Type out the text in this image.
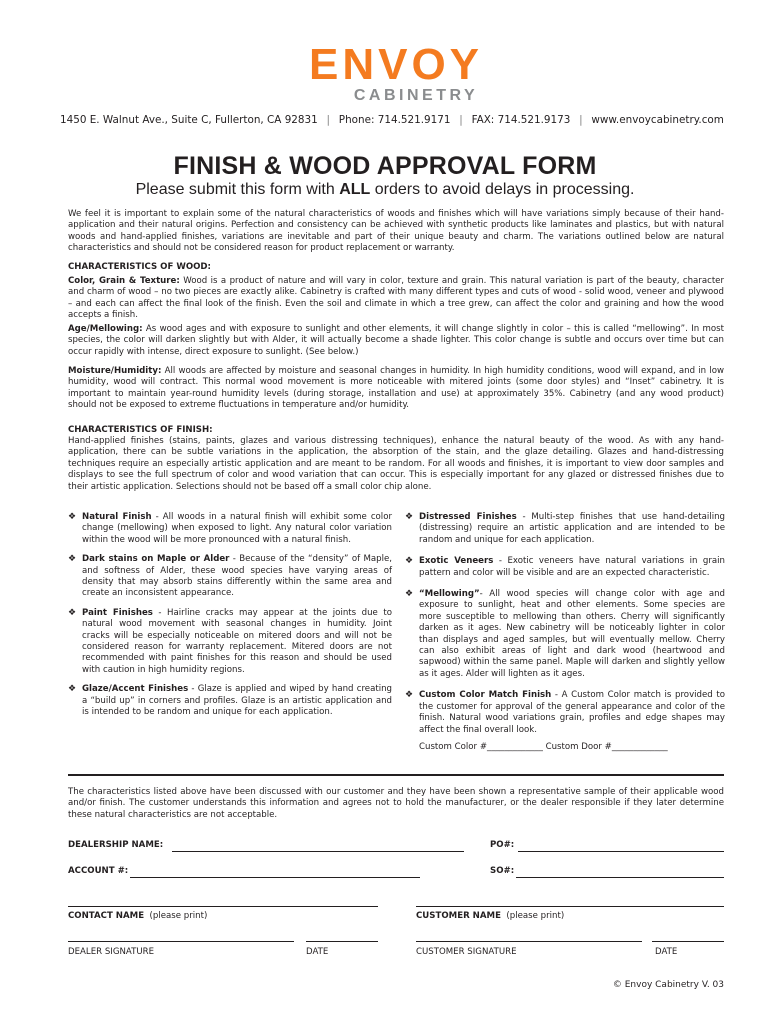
ENVOY
CABINETRY
1450 E. Walnut Ave., Suite C, Fullerton, CA 92831 | Phone: 714.521.9171 | FAX: 714.521.9173 | www.envoycabinetry.com
FINISH & WOOD APPROVAL FORM
Please submit this form with ALL orders to avoid delays in processing.
We feel it is important to explain some of the natural characteristics of woods and finishes which will have variations simply because of their hand-application and their natural origins. Perfection and consistency can be achieved with synthetic products like laminates and plastics, but with natural woods and hand-applied finishes, variations are inevitable and part of their unique beauty and charm. The variations outlined below are natural characteristics and should not be considered reason for product replacement or warranty.
CHARACTERISTICS OF WOOD:
Color, Grain & Texture: Wood is a product of nature and will vary in color, texture and grain. This natural variation is part of the beauty, character and charm of wood – no two pieces are exactly alike. Cabinetry is crafted with many different types and cuts of wood - solid wood, veneer and plywood – and each can affect the final look of the finish. Even the soil and climate in which a tree grew, can affect the color and graining and how the wood accepts a finish.
Age/Mellowing: As wood ages and with exposure to sunlight and other elements, it will change slightly in color – this is called “mellowing”. In most species, the color will darken slightly but with Alder, it will actually become a shade lighter. This color change is subtle and occurs over time but can occur rapidly with intense, direct exposure to sunlight. (See below.)
Moisture/Humidity: All woods are affected by moisture and seasonal changes in humidity. In high humidity conditions, wood will expand, and in low humidity, wood will contract. This normal wood movement is more noticeable with mitered joints (some door styles) and “Inset” cabinetry. It is important to maintain year-round humidity levels (during storage, installation and use) at approximately 35%. Cabinetry (and any wood product) should not be exposed to extreme fluctuations in temperature and/or humidity.
CHARACTERISTICS OF FINISH:
Hand-applied finishes (stains, paints, glazes and various distressing techniques), enhance the natural beauty of the wood. As with any hand-application, there can be subtle variations in the application, the absorption of the stain, and the glaze detailing. Glazes and hand-distressing techniques require an especially artistic application and are meant to be random. For all woods and finishes, it is important to view door samples and displays to see the full spectrum of color and wood variation that can occur. This is especially important for any glazed or distressed finishes due to their artistic application. Selections should not be based off a small color chip alone.
❖ Natural Finish - All woods in a natural finish will exhibit some color change (mellowing) when exposed to light. Any natural color variation within the wood will be more pronounced with a natural finish.
❖ Dark stains on Maple or Alder - Because of the “density” of Maple, and softness of Alder, these wood species have varying areas of density that may absorb stains differently within the same area and create an inconsistent appearance.
❖ Paint Finishes - Hairline cracks may appear at the joints due to natural wood movement with seasonal changes in humidity. Joint cracks will be especially noticeable on mitered doors and will not be considered reason for warranty replacement. Mitered doors are not recommended with paint finishes for this reason and should be used with caution in high humidity regions.
❖ Glaze/Accent Finishes - Glaze is applied and wiped by hand creating a “build up” in corners and profiles. Glaze is an artistic application and is intended to be random and unique for each application.
❖ Distressed Finishes - Multi-step finishes that use hand-detailing (distressing) require an artistic application and are intended to be random and unique for each application.
❖ Exotic Veneers - Exotic veneers have natural variations in grain pattern and color will be visible and are an expected characteristic.
❖ “Mellowing”- All wood species will change color with age and exposure to sunlight, heat and other elements. Some species are more susceptible to mellowing than others. Cherry will significantly darken as it ages. New cabinetry will be noticeably lighter in color than displays and aged samples, but will eventually mellow. Cherry can also exhibit areas of light and dark wood (heartwood and sapwood) within the same panel. Maple will darken and slightly yellow as it ages. Alder will lighten as it ages.
❖ Custom Color Match Finish - A Custom Color match is provided to the customer for approval of the general appearance and color of the finish. Natural wood variations grain, profiles and edge shapes may affect the final overall look.
Custom Color #_____________ Custom Door #_____________
The characteristics listed above have been discussed with our customer and they have been shown a representative sample of their applicable wood and/or finish. The customer understands this information and agrees not to hold the manufacturer, or the dealer responsible if they later determine these natural characteristics are not acceptable.
DEALERSHIP NAME:	PO#:
ACCOUNT #:	SO#:
CONTACT NAME (please print)	CUSTOMER NAME (please print)
DEALER SIGNATURE	DATE	CUSTOMER SIGNATURE	DATE
© Envoy Cabinetry V. 03
